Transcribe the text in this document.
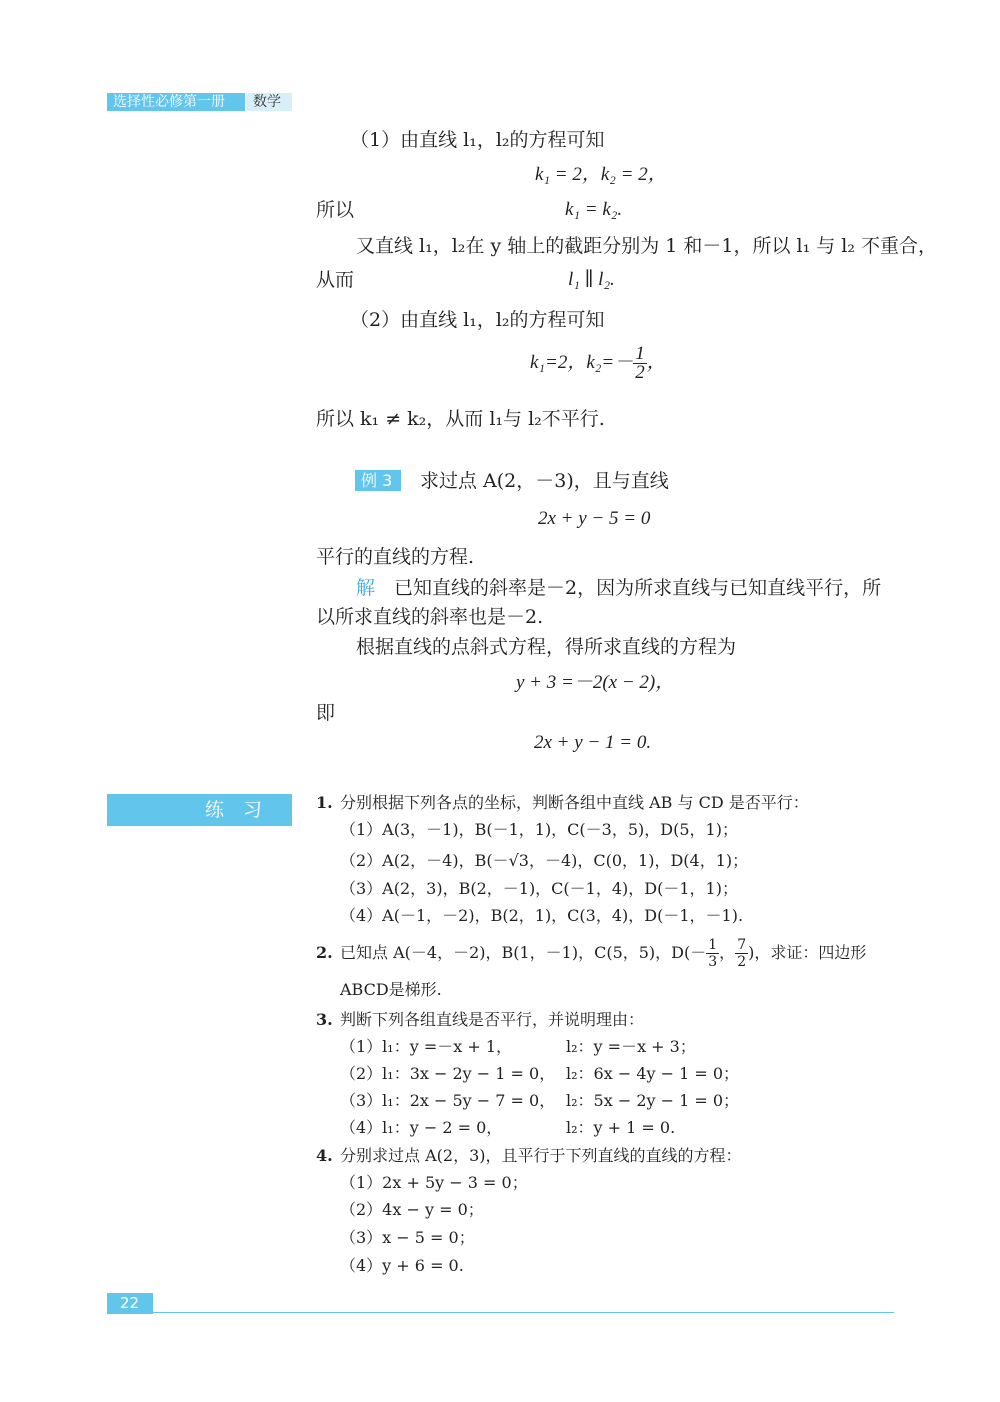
选择性必修第一册 数学
（1）由直线 l₁，l₂的方程可知
k₁ = 2，k₂ = 2，
所以	k₁ = k₂.
又直线 l₁，l₂在 y 轴上的截距分别为 1 和－1，所以 l₁ 与 l₂ 不重合，
从而	l₁ ∥ l₂.
（2）由直线 l₁，l₂的方程可知
k₁=2，$k_2=- \frac{1}{2}$ ，
所以 k₁ ≠ k₂，从而 l₁与 l₂不平行.
例 3 求过点 A(2，－3)，且与直线
2x + y − 5 = 0
平行的直线的方程.
解 已知直线的斜率是－2，因为所求直线与已知直线平行，所
以所求直线的斜率也是－2.
根据直线的点斜式方程，得所求直线的方程为
y + 3 =－2(x − 2)，
即
2x + y − 1 = 0.
练　习	1. 分别根据下列各点的坐标，判断各组中直线 AB 与 CD 是否平行：
（1）A(3，－1)，B(－1，1)，C(－3，5)，D(5，1)；
（2）A(2，－4)，B(－√3，－4)，C(0，1)，D(4，1)；
（3）A(2，3)，B(2，－1)，C(－1，4)，D(－1，1)；
（4）A(－1，－2)，B(2，1)，C(3，4)，D(－1，－1).
2. 已知点 A(－4，－2)，B(1，－1)，C(5，5)，$D(- \frac{1}{3}$ ， $\frac{7}{2}$ )，求证：四边形
ABCD是梯形.
3. 判断下列各组直线是否平行，并说明理由：
（1）l₁：y =－x + 1，	l₂：y =－x + 3；
（2）l₁：3x − 2y − 1 = 0， l₂：6x − 4y − 1 = 0；
（3）l₁：2x − 5y − 7 = 0， l₂：5x − 2y − 1 = 0；
（4）l₁：y − 2 = 0，	l₂：y + 1 = 0.
4. 分别求过点 A(2，3)，且平行于下列直线的直线的方程：
（1）2x + 5y − 3 = 0；
（2）4x − y = 0；
（3）x − 5 = 0；
（4）y + 6 = 0.
22
